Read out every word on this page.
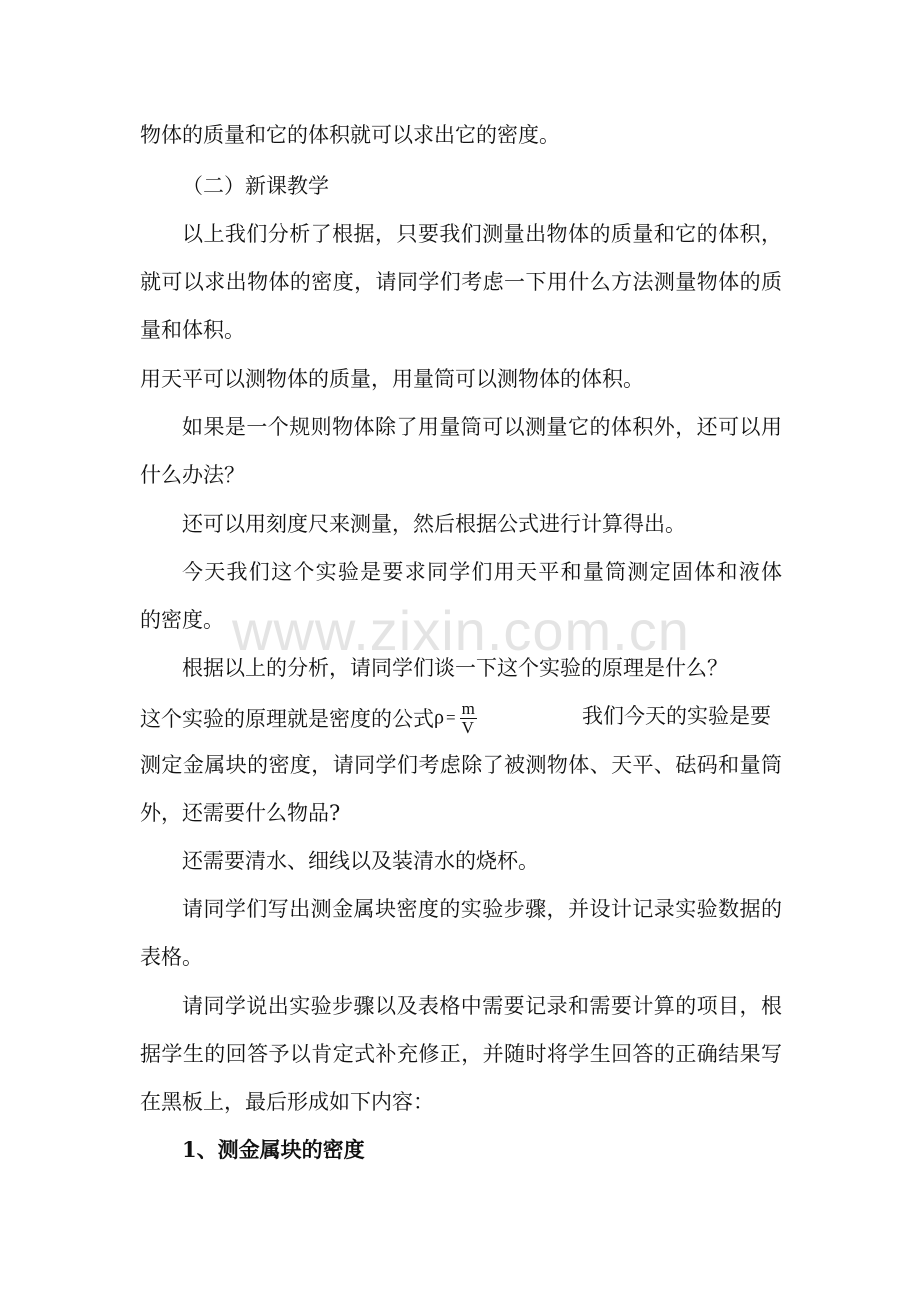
物体的质量和它的体积就可以求出它的密度。
（二）新课教学
以上我们分析了根据，只要我们测量出物体的质量和它的体积，
就可以求出物体的密度，请同学们考虑一下用什么方法测量物体的质
量和体积。
用天平可以测物体的质量，用量筒可以测物体的体积。
如果是一个规则物体除了用量筒可以测量它的体积外，还可以用
什么办法？
还可以用刻度尺来测量，然后根据公式进行计算得出。
今天我们这个实验是要求同学们用天平和量筒测定固体和液体
的密度。
根据以上的分析，请同学们谈一下这个实验的原理是什么？
这个实验的原理就是密度的公式$\rho = \frac{m}{V}$	我们今天的实验是要
测定金属块的密度，请同学们考虑除了被测物体、天平、砝码和量筒
外，还需要什么物品?
还需要清水、细线以及装清水的烧杯。
请同学们写出测金属块密度的实验步骤，并设计记录实验数据的
表格。
请同学说出实验步骤以及表格中需要记录和需要计算的项目，根
据学生的回答予以肯定式补充修正，并随时将学生回答的正确结果写
在黑板上，最后形成如下内容：
1、测金属块的密度
www.zixin.com.cn
